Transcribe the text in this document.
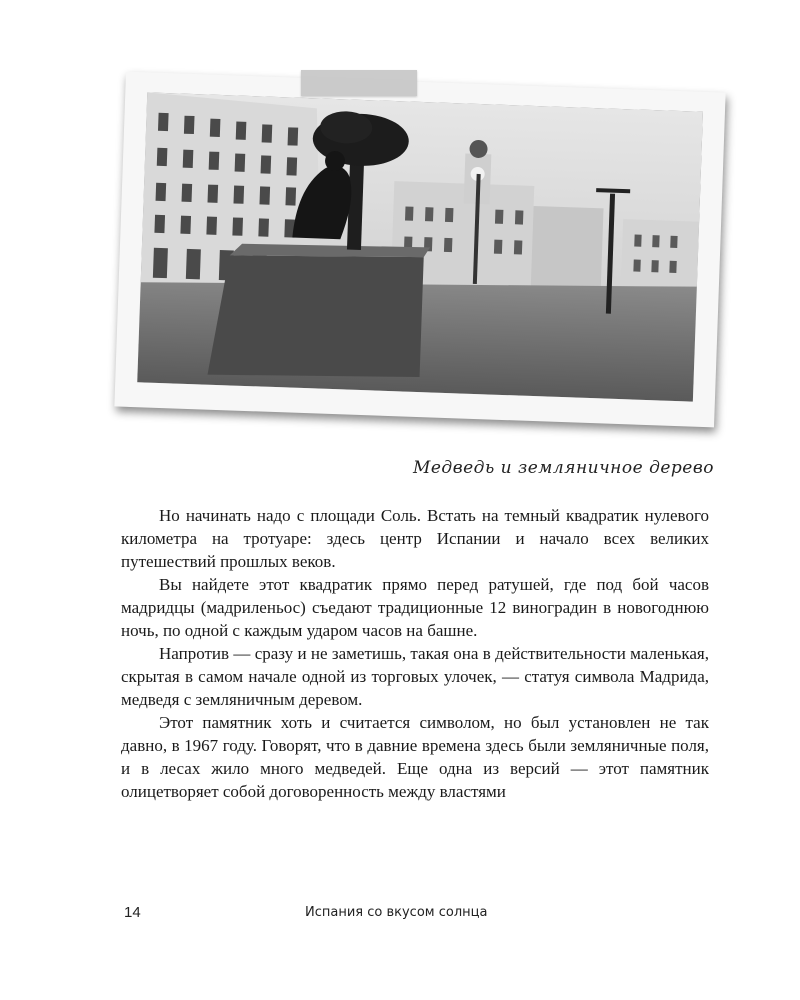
Медведь и земляничное дерево

Но начинать надо с площади Соль. Встать на темный квадратик нулевого километра на тротуаре: здесь центр Испании и начало всех великих путешествий прошлых веков.

Вы найдете этот квадратик прямо перед ратушей, где под бой часов мадридцы (мадриленьос) съедают традиционные 12 виноградин в новогоднюю ночь, по одной с каждым ударом часов на башне.

Напротив — сразу и не заметишь, такая она в действительности маленькая, скрытая в самом начале одной из торговых улочек, — статуя символа Мадрида, медведя с земляничным деревом.

Этот памятник хоть и считается символом, но был установлен не так давно, в 1967 году. Говорят, что в давние времена здесь были земляничные поля, и в лесах жило много медведей. Еще одна из версий — этот памятник олицетворяет собой договоренность между властями

14	Испания со вкусом солнца
